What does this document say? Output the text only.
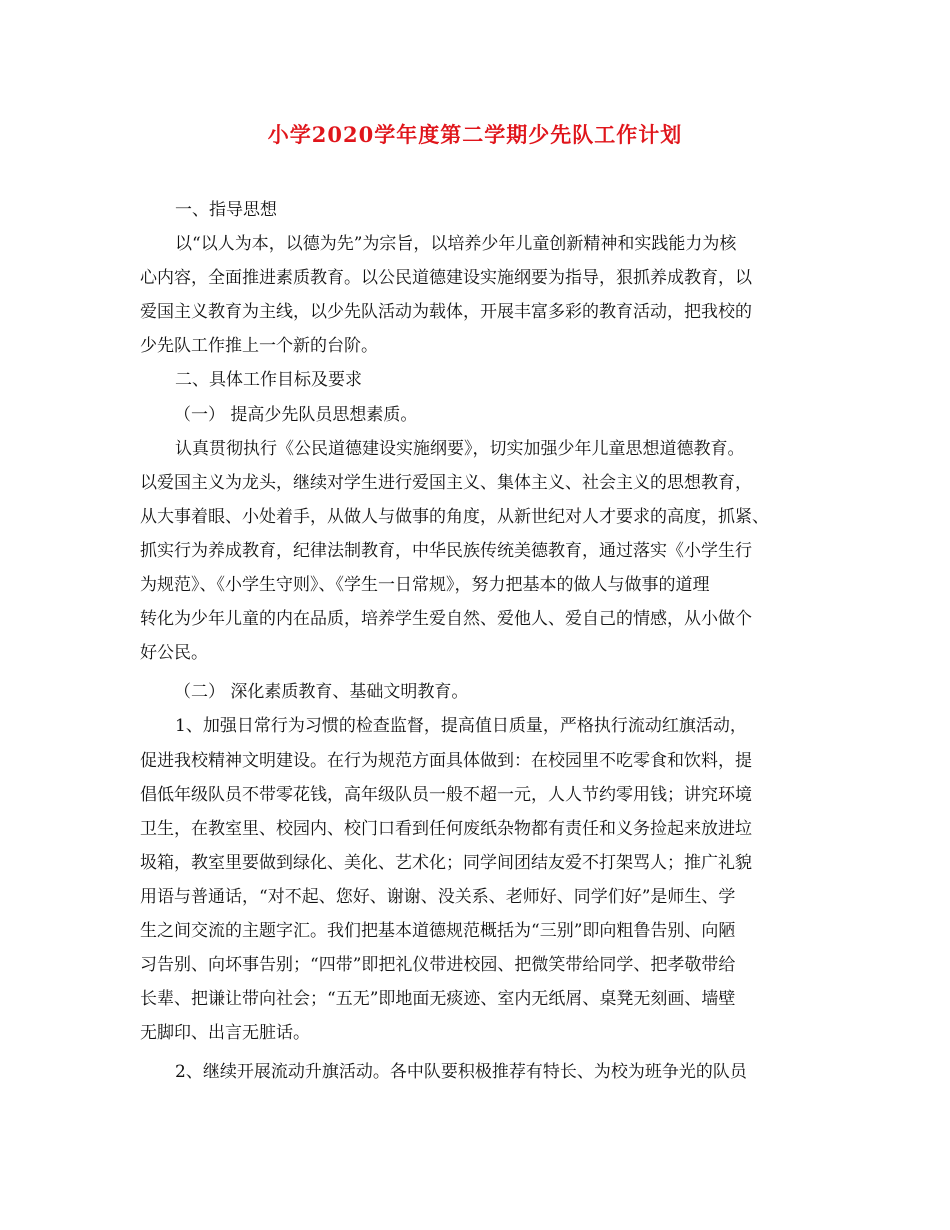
小学2020学年度第二学期少先队工作计划
一、指导思想
以“以人为本，以德为先”为宗旨，以培养少年儿童创新精神和实践能力为核
心内容，全面推进素质教育。以公民道德建设实施纲要为指导，狠抓养成教育，以
爱国主义教育为主线，以少先队活动为载体，开展丰富多彩的教育活动，把我校的
少先队工作推上一个新的台阶。
二、具体工作目标及要求
（一） 提高少先队员思想素质。
认真贯彻执行《公民道德建设实施纲要》，切实加强少年儿童思想道德教育。
以爱国主义为龙头，继续对学生进行爱国主义、集体主义、社会主义的思想教育，
从大事着眼、小处着手，从做人与做事的角度，从新世纪对人才要求的高度，抓紧、
抓实行为养成教育，纪律法制教育，中华民族传统美德教育，通过落实《小学生行
为规范》、《小学生守则》、《学生一日常规》，努力把基本的做人与做事的道理
转化为少年儿童的内在品质，培养学生爱自然、爱他人、爱自己的情感，从小做个
好公民。
（二） 深化素质教育、基础文明教育。
1、加强日常行为习惯的检查监督，提高值日质量，严格执行流动红旗活动，
促进我校精神文明建设。在行为规范方面具体做到：在校园里不吃零食和饮料，提
倡低年级队员不带零花钱，高年级队员一般不超一元，人人节约零用钱；讲究环境
卫生，在教室里、校园内、校门口看到任何废纸杂物都有责任和义务捡起来放进垃
圾箱，教室里要做到绿化、美化、艺术化；同学间团结友爱不打架骂人；推广礼貌
用语与普通话，“对不起、您好、谢谢、没关系、老师好、同学们好”是师生、学
生之间交流的主题字汇。我们把基本道德规范概括为“三别”即向粗鲁告别、向陋
习告别、向坏事告别；“四带”即把礼仪带进校园、把微笑带给同学、把孝敬带给
长辈、把谦让带向社会；“五无”即地面无痰迹、室内无纸屑、桌凳无刻画、墙壁
无脚印、出言无脏话。
2、继续开展流动升旗活动。各中队要积极推荐有特长、为校为班争光的队员
